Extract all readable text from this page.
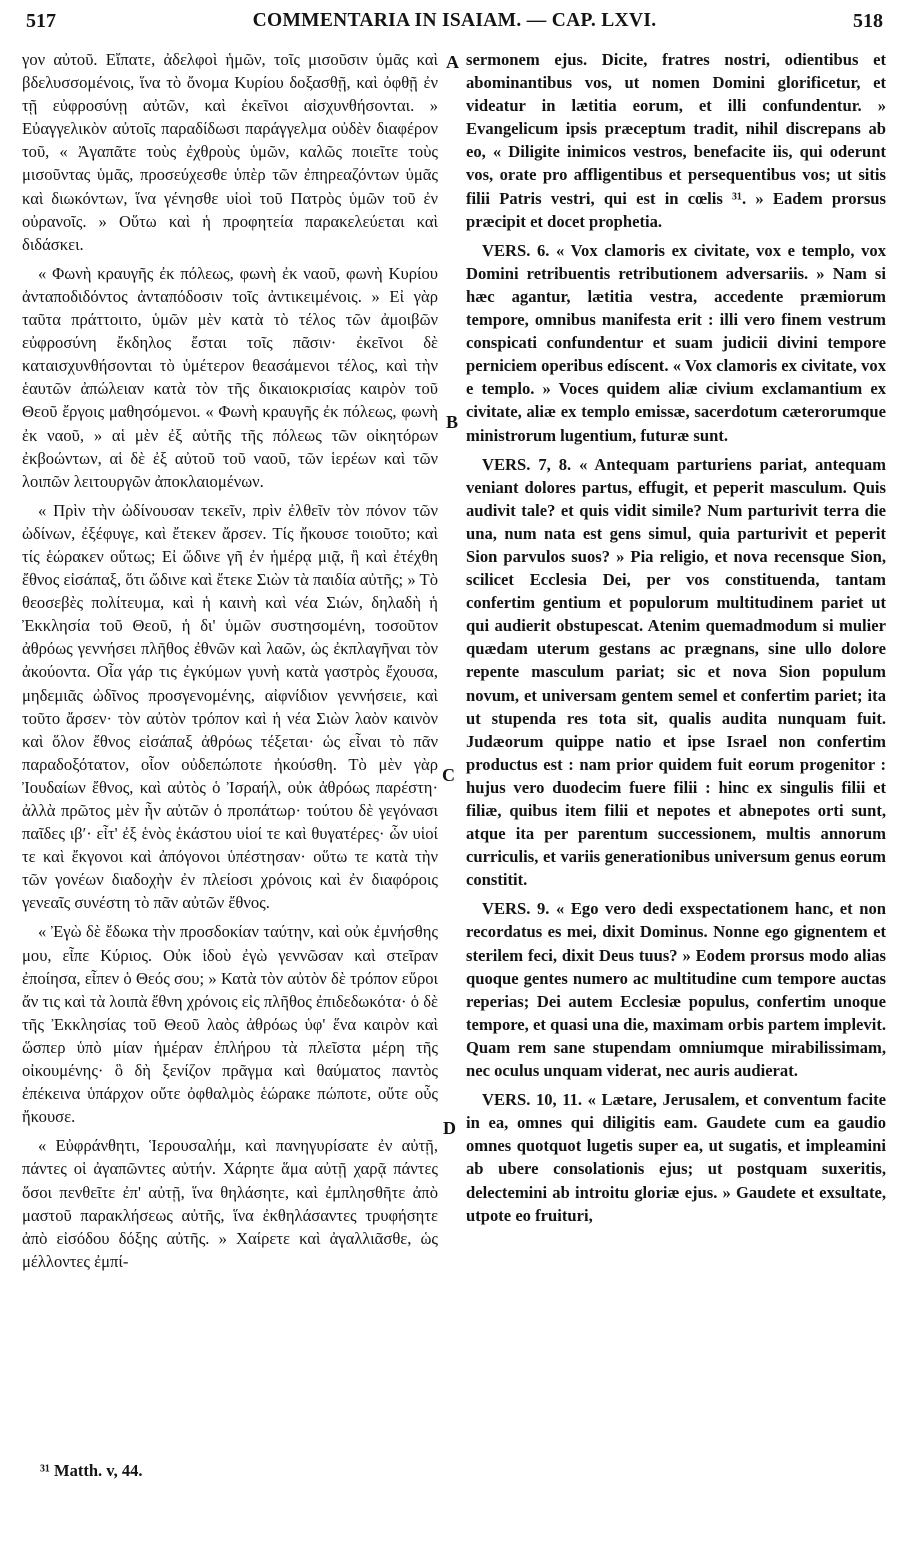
517	COMMENTARIA IN ISAIAM. — CAP. LXVI.	518

γον αὐτοῦ. Εἴπατε, ἀδελφοὶ ἡμῶν, τοῖς μισοῦσιν ὑμᾶς καὶ βδελυσσομένοις, ἵνα τὸ ὄνομα Κυρίου δοξασθῇ, καὶ ὀφθῇ ἐν τῇ εὐφροσύνῃ αὐτῶν, καὶ ἐκεῖνοι αἰσχυνθήσονται. » Εὐαγγελικὸν αὐτοῖς παραδίδωσι παράγγελμα οὐδὲν διαφέρον τοῦ, « Ἀγαπᾶτε τοὺς ἐχθροὺς ὑμῶν, καλῶς ποιεῖτε τοὺς μισοῦντας ὑμᾶς, προσεύχεσθε ὑπὲρ τῶν ἐπηρεαζόντων ὑμᾶς καὶ διωκόντων, ἵνα γένησθε υἱοὶ τοῦ Πατρὸς ὑμῶν τοῦ ἐν οὐρανοῖς. » Οὕτω καὶ ἡ προφητεία παρακελεύεται καὶ διδάσκει.

« Φωνὴ κραυγῆς ἐκ πόλεως, φωνὴ ἐκ ναοῦ, φωνὴ Κυρίου ἀνταποδιδόντος ἀνταπόδοσιν τοῖς ἀντικειμένοις. » Εἰ γὰρ ταῦτα πράττοιτο, ὑμῶν μὲν κατὰ τὸ τέλος τῶν ἀμοιβῶν εὐφροσύνη ἔκδηλος ἔσται τοῖς πᾶσιν· ἐκεῖνοι δὲ καταισχυνθήσονται τὸ ὑμέτερον θεασάμενοι τέλος, καὶ τὴν ἑαυτῶν ἀπώλειαν κατὰ τὸν τῆς δικαιοκρισίας καιρὸν τοῦ Θεοῦ ἔργοις μαθησόμενοι. « Φωνὴ κραυγῆς ἐκ πόλεως, φωνὴ ἐκ ναοῦ, » αἱ μὲν ἐξ αὐτῆς τῆς πόλεως τῶν οἰκητόρων ἐκβοώντων, αἱ δὲ ἐξ αὐτοῦ τοῦ ναοῦ, τῶν ἱερέων καὶ τῶν λοιπῶν λειτουργῶν ἀποκλαιομένων.

« Πρὶν τὴν ὠδίνουσαν τεκεῖν, πρὶν ἐλθεῖν τὸν πόνον τῶν ὠδίνων, ἐξέφυγε, καὶ ἔτεκεν ἄρσεν. Τίς ἤκουσε τοιοῦτο; καὶ τίς ἑώρακεν οὕτως; Εἰ ὤδινε γῆ ἐν ἡμέρᾳ μιᾷ, ἢ καὶ ἐτέχθη ἔθνος εἰσάπαξ, ὅτι ὤδινε καὶ ἔτεκε Σιὼν τὰ παιδία αὐτῆς; » Τὸ θεοσεβὲς πολίτευμα, καὶ ἡ καινὴ καὶ νέα Σιών, δηλαδὴ ἡ Ἐκκλησία τοῦ Θεοῦ, ἡ δι' ὑμῶν συστησομένη, τοσοῦτον ἀθρόως γεννήσει πλῆθος ἐθνῶν καὶ λαῶν, ὡς ἐκπλαγῆναι τὸν ἀκούοντα. Οἷα γάρ τις ἐγκύμων γυνὴ κατὰ γαστρὸς ἔχουσα, μηδεμιᾶς ὠδῖνος προσγενομένης, αἰφνίδιον γεννήσειε, καὶ τοῦτο ἄρσεν· τὸν αὐτὸν τρόπον καὶ ἡ νέα Σιὼν λαὸν καινὸν καὶ ὅλον ἔθνος εἰσάπαξ ἀθρόως τέξεται· ὡς εἶναι τὸ πᾶν παραδοξότατον, οἷον οὐδεπώποτε ἠκούσθη. Τὸ μὲν γὰρ Ἰουδαίων ἔθνος, καὶ αὐτὸς ὁ Ἰσραήλ, οὐκ ἀθρόως παρέστη· ἀλλὰ πρῶτος μὲν ἦν αὐτῶν ὁ προπάτωρ· τούτου δὲ γεγόνασι παῖδες ιβʹ· εἶτ' ἐξ ἑνὸς ἑκάστου υἱοί τε καὶ θυγατέρες· ὧν υἱοί τε καὶ ἔκγονοι καὶ ἀπόγονοι ὑπέστησαν· οὕτω τε κατὰ τὴν τῶν γονέων διαδοχὴν ἐν πλείοσι χρόνοις καὶ ἐν διαφόροις γενεαῖς συνέστη τὸ πᾶν αὐτῶν ἔθνος.

« Ἐγὼ δὲ ἔδωκα τὴν προσδοκίαν ταύτην, καὶ οὐκ ἐμνήσθης μου, εἶπε Κύριος. Οὐκ ἰδοὺ ἐγὼ γεννῶσαν καὶ στεῖραν ἐποίησα, εἶπεν ὁ Θεός σου; » Κατὰ τὸν αὐτὸν δὲ τρόπον εὕροι ἄν τις καὶ τὰ λοιπὰ ἔθνη χρόνοις εἰς πλῆθος ἐπιδεδωκότα· ὁ δὲ τῆς Ἐκκλησίας τοῦ Θεοῦ λαὸς ἀθρόως ὑφ' ἕνα καιρὸν καὶ ὥσπερ ὑπὸ μίαν ἡμέραν ἐπλήρου τὰ πλεῖστα μέρη τῆς οἰκουμένης· ὃ δὴ ξενίζον πρᾶγμα καὶ θαύματος παντὸς ἐπέκεινα ὑπάρχον οὔτε ὀφθαλμὸς ἑώρακε πώποτε, οὔτε οὖς ἤκουσε.

« Εὐφράνθητι, Ἱερουσαλήμ, καὶ πανηγυρίσατε ἐν αὐτῇ, πάντες οἱ ἀγαπῶντες αὐτήν. Χάρητε ἅμα αὐτῇ χαρᾷ πάντες ὅσοι πενθεῖτε ἐπ' αὐτῇ, ἵνα θηλάσητε, καὶ ἐμπλησθῆτε ἀπὸ μαστοῦ παρακλήσεως αὐτῆς, ἵνα ἐκθηλάσαντες τρυφήσητε ἀπὸ εἰσόδου δόξης αὐτῆς. » Χαίρετε καὶ ἀγαλλιᾶσθε, ὡς μέλλοντες ἐμπί-

A
B
C
D

sermonem ejus. Dicite, fratres nostri, odientibus et abominantibus vos, ut nomen Domini glorificetur, et videatur in lætitia eorum, et illi confundentur. » Evangelicum ipsis præceptum tradit, nihil discrepans ab eo, « Diligite inimicos vestros, benefacite iis, qui oderunt vos, orate pro affligentibus et persequentibus vos; ut sitis filii Patris vestri, qui est in cœlis ³¹. » Eadem prorsus præcipit et docet prophetia.

VERS. 6. « Vox clamoris ex civitate, vox e templo, vox Domini retribuentis retributionem adversariis. » Nam si hæc agantur, lætitia vestra, accedente præmiorum tempore, omnibus manifesta erit : illi vero finem vestrum conspicati confundentur et suam judicii divini tempore perniciem operibus edíscent. « Vox clamoris ex civitate, vox e templo. » Voces quidem aliæ civium exclamantium ex civitate, aliæ ex templo emissæ, sacerdotum cæterorumque ministrorum lugentium, futuræ sunt.

VERS. 7, 8. « Antequam parturiens pariat, antequam veniant dolores partus, effugit, et peperit masculum. Quis audivit tale? et quis vidit simile? Num parturivit terra die una, num nata est gens simul, quia parturivit et peperit Sion parvulos suos? » Pia religio, et nova recensque Sion, scilicet Ecclesia Dei, per vos constituenda, tantam confertim gentium et populorum multitudinem pariet ut qui audierit obstupescat. Atenim quemadmodum si mulier quædam uterum gestans ac prægnans, sine ullo dolore repente masculum pariat; sic et nova Sion populum novum, et universam gentem semel et confertim pariet; ita ut stupenda res tota sit, qualis audita nunquam fuit. Judæorum quippe natio et ipse Israel non confertim productus est : nam prior quidem fuit eorum progenitor : hujus vero duodecim fuere filii : hinc ex singulis filii et filiæ, quibus item filii et nepotes et abnepotes orti sunt, atque ita per parentum successionem, multis annorum curriculis, et variis generationibus universum genus eorum constitit.

VERS. 9. « Ego vero dedi exspectationem hanc, et non recordatus es mei, dixit Dominus. Nonne ego gignentem et sterilem feci, dixit Deus tuus? » Eodem prorsus modo alias quoque gentes numero ac multitudine cum tempore auctas reperias; Dei autem Ecclesiæ populus, confertim unoque tempore, et quasi una die, maximam orbis partem implevit. Quam rem sane stupendam omniumque mirabilissimam, nec oculus unquam viderat, nec auris audierat.

VERS. 10, 11. « Lætare, Jerusalem, et conventum facite in ea, omnes qui diligitis eam. Gaudete cum ea gaudio omnes quotquot lugetis super ea, ut sugatis, et impleamini ab ubere consolationis ejus; ut postquam suxeritis, delectemini ab introitu gloriæ ejus. » Gaudete et exsultate, utpote eo fruituri,

³¹ Matth. v, 44.
